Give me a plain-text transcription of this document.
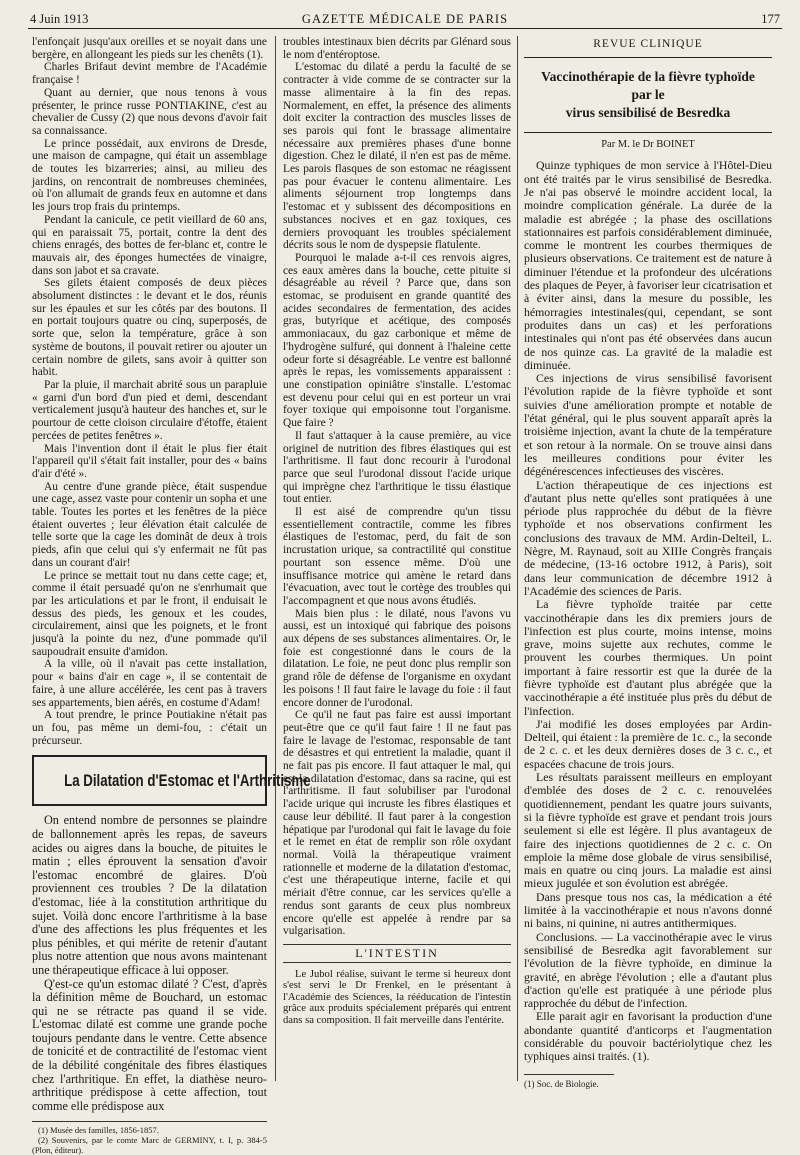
4 Juin 1913	GAZETTE MÉDICALE DE PARIS	177

l'enfonçait jusqu'aux oreilles et se noyait dans une bergère, en allongeant les pieds sur les chenêts (1).

Charles Brifaut devint membre de l'Académie française !

Quant au dernier, que nous tenons à vous présenter, le prince russe PONTIAKINE, c'est au chevalier de Cussy (2) que nous devons d'avoir fait sa connaissance.

Le prince possédait, aux environs de Dresde, une maison de campagne, qui était un assemblage de toutes les bizarreries; ainsi, au milieu des jardins, on rencontrait de nombreuses cheminées, où l'on allumait de grands feux en automne et dans les jours trop frais du printemps.

Pendant la canicule, ce petit vieillard de 60 ans, qui en paraissait 75, portait, contre la dent des chiens enragés, des bottes de fer-blanc et, contre le mauvais air, des éponges humectées de vinaigre, dans son jabot et sa cravate.

Ses gilets étaient composés de deux pièces absolument distinctes : le devant et le dos, réunis sur les épaules et sur les côtés par des boutons. Il en portait toujours quatre ou cinq, superposés, de sorte que, selon la température, grâce à son système de boutons, il pouvait retirer ou ajouter un certain nombre de gilets, sans avoir à quitter son habit.

Par la pluie, il marchait abrité sous un parapluie « garni d'un bord d'un pied et demi, descendant verticalement jusqu'à hauteur des hanches et, sur le pourtour de cette cloison circulaire d'étoffe, étaient percées de petites fenêtres ».

Mais l'invention dont il était le plus fier était l'appareil qu'il s'était fait installer, pour des « bains d'air d'été ».

Au centre d'une grande pièce, était suspendue une cage, assez vaste pour contenir un sopha et une table. Toutes les portes et les fenêtres de la pièce étaient ouvertes ; leur élévation était calculée de telle sorte que la cage les dominât de deux à trois pieds, afin que celui qui s'y enfermait ne fût pas dans un courant d'air!

Le prince se mettait tout nu dans cette cage; et, comme il était persuadé qu'on ne s'enrhumait que par les articulations et par le front, il enduisait le dessus des pieds, les genoux et les coudes, circulairement, ainsi que les poignets, et le front jusqu'à la pointe du nez, d'une pommade qu'il saupoudrait ensuite d'amidon.

A la ville, où il n'avait pas cette installation, pour « bains d'air en cage », il se contentait de faire, à une allure accélérée, les cent pas à travers ses appartements, bien aérés, en costume d'Adam!

A tout prendre, le prince Poutiakine n'était pas un fou, pas même un demi-fou, : c'était un précurseur.

La Dilatation d'Estomac et l'Arthritisme

On entend nombre de personnes se plaindre de ballonnement après les repas, de saveurs acides ou aigres dans la bouche, de pituites le matin ; elles éprouvent la sensation d'avoir l'estomac encombré de glaires. D'où proviennent ces troubles ? De la dilatation d'estomac, liée à la constitution arthritique du sujet. Voilà donc encore l'arthritisme à la base d'une des affections les plus fréquentes et les plus pénibles, et qui mérite de retenir d'autant plus notre attention que nous avons maintenant une thérapeutique efficace à lui opposer.

Q'est-ce qu'un estomac dilaté ? C'est, d'après la définition même de Bouchard, un estomac qui ne se rétracte pas quand il se vide. L'estomac dilaté est comme une grande poche toujours pendante dans le ventre. Cette absence de tonicité et de contractilité de l'estomac vient de la débilité congénitale des fibres élastiques chez l'arthritique. En effet, la diathèse neuro-arthritique prédispose à cette affection, tout comme elle prédispose aux

(1) Musée des familles, 1856-1857.
(2) Souvenirs, par le comte Marc de GERMINY, t. I, p. 384-5 (Plon, éditeur).

troubles intestinaux bien décrits par Glénard sous le nom d'entéroptose.

L'estomac du dilaté a perdu la faculté de se contracter à vide comme de se contracter sur la masse alimentaire à la fin des repas. Normalement, en effet, la présence des aliments doit exciter la contraction des muscles lisses de ses parois qui font le brassage alimentaire nécessaire aux premières phases d'une bonne digestion. Chez le dilaté, il n'en est pas de même. Les parois flasques de son estomac ne réagissent pas pour évacuer le contenu alimentaire. Les aliments séjournent trop longtemps dans l'estomac et y subissent des décompositions en substances nocives et en gaz toxiques, ces derniers provoquant les troubles spécialement décrits sous le nom de dyspepsie flatulente.

Pourquoi le malade a-t-il ces renvois aigres, ces eaux amères dans la bouche, cette pituite si désagréable au réveil ? Parce que, dans son estomac, se produisent en grande quantité des acides secondaires de fermentation, des acides gras, butyrique et acétique, des composés ammoniacaux, du gaz carbonique et même de l'hydrogène sulfuré, qui donnent à l'haleine cette odeur forte si désagréable. Le ventre est ballonné après le repas, les vomissements apparaissent : une constipation opiniâtre s'installe. L'estomac est devenu pour celui qui en est porteur un vrai foyer toxique qui empoisonne tout l'organisme. Que faire ?

Il faut s'attaquer à la cause première, au vice originel de nutrition des fibres élastiques qui est l'arthritisme. Il faut donc recourir à l'urodonal parce que seul l'urodonal dissout l'acide urique qui imprègne chez l'arthritique le tissu élastique tout entier.

Il est aisé de comprendre qu'un tissu essentiellement contractile, comme les fibres élastiques de l'estomac, perd, du fait de son incrustation urique, sa contractilité qui constitue pourtant son essence même. D'où une insuffisance motrice qui amène le retard dans l'évacuation, avec tout le cortège des troubles qui l'accompagnent et que nous avons étudiés.

Mais bien plus : le dilaté, nous l'avons vu aussi, est un intoxiqué qui fabrique des poisons aux dépens de ses substances alimentaires. Or, le foie est congestionné dans le cours de la dilatation. Le foie, ne peut donc plus remplir son grand rôle de défense de l'organisme en oxydant les poisons ! Il faut faire le lavage du foie : il faut encore donner de l'urodonal.

Ce qu'il ne faut pas faire est aussi important peut-être que ce qu'il faut faire ! Il ne faut pas faire le lavage de l'estomac, responsable de tant de désastres et qui entretient la maladie, quant il ne fait pas pis encore. Il faut attaquer le mal, qui est la dilatation d'estomac, dans sa racine, qui est l'arthritisme. Il faut solubiliser par l'urodonal l'acide urique qui incruste les fibres élastiques et cause leur débilité. Il faut parer à la congestion hépatique par l'urodonal qui fait le lavage du foie et le remet en état de remplir son rôle oxydant normal. Voilà la thérapeutique vraiment rationnelle et moderne de la dilatation d'estomac, c'est une thérapeutique interne, facile et qui mériait d'être connue, car les services qu'elle a rendus sont garants de ceux plus nombreux encore qu'elle est appelée à rendre par sa vulgarisation.

L'INTESTIN

Le Jubol réalise, suivant le terme si heureux dont s'est servi le Dr Frenkel, en le présentant à l'Académie des Sciences, la rééducation de l'intestin grâce aux produits spécialement préparés qui entrent dans sa composition. Il fait merveille dans l'entérite.

REVUE CLINIQUE
Vaccinothérapie de la fièvre typhoïde
par le
virus sensibilisé de Besredka
Par M. le Dr BOINET

Quinze typhiques de mon service à l'Hôtel-Dieu ont été traités par le virus sensibilisé de Besredka. Je n'ai pas observé le moindre accident local, la moindre complication générale. La durée de la maladie est abrégée ; la phase des oscillations stationnaires est parfois considérablement diminuée, comme le montrent les courbes thermiques de plusieurs observations. Ce traitement est de nature à diminuer l'étendue et la profondeur des ulcérations des plaques de Peyer, à favoriser leur cicatrisation et à éviter ainsi, dans la mesure du possible, les hémorragies intestinales(qui, cependant, se sont produites dans un cas) et les perforations intestinales qui n'ont pas été observées dans aucun de nos quinze cas. La gravité de la maladie est diminuée.

Ces injections de virus sensibilisé favorisent l'évolution rapide de la fièvre typhoïde et sont suivies d'une amélioration prompte et notable de l'état général, qui le plus souvent apparaît après la troisième injection, avant la chute de la température et son retour à la normale. On se trouve ainsi dans les meilleures conditions pour éviter les dégénérescences infectieuses des viscères.

L'action thérapeutique de ces injections est d'autant plus nette qu'elles sont pratiquées à une période plus rapprochée du début de la fièvre typhoïde et nos observations confirment les conclusions des travaux de MM. Ardin-Delteil, L. Nègre, M. Raynaud, soit au XIIIe Congrès français de médecine, (13-16 octobre 1912, à Paris), soit dans leur communication de décembre 1912 à l'Académie des sciences de Paris.

La fièvre typhoïde traitée par cette vaccinothérapie dans les dix premiers jours de l'infection est plus courte, moins intense, moins grave, moins sujette aux rechutes, comme le prouvent les courbes thermiques. Un point important à faire ressortir est que la durée de la fièvre typhoïde est d'autant plus abrégée que la vaccinothérapie a été instituée plus près du début de l'infection.

J'ai modifié les doses employées par Ardin-Delteil, qui étaient : la première de 1c. c., la seconde de 2 c. c. et les deux dernières doses de 3 c. c., et espacées chacune de trois jours.

Les résultats paraissent meilleurs en employant d'emblée des doses de 2 c. c. renouvelées quotidiennement, pendant les quatre jours suivants, si la fièvre typhoïde est grave et pendant trois jours seulement si elle est légère. Il plus avantageux de faire des injections quotidiennes de 2 c. c. On emploie la même dose globale de virus sensibilisé, mais en quatre ou cinq jours. La maladie est ainsi mieux jugulée et son évolution est abrégée.

Dans presque tous nos cas, la médication a été limitée à la vaccinothérapie et nous n'avons donné ni bains, ni quinine, ni autres antithermiques.

Conclusions. — La vaccinothérapie avec le virus sensibilisé de Besredka agit favorablement sur l'évolution de la fièvre typhoïde, en diminue la gravité, en abrège l'évolution ; elle a d'autant plus d'action qu'elle est pratiquée à une période plus rapprochée du début de l'infection.

Elle parait agir en favorisant la production d'une abondante quantité d'anticorps et l'augmentation considérable du pouvoir bactériolytique chez les typhiques ainsi traités. (1).

(1) Soc. de Biologie.
